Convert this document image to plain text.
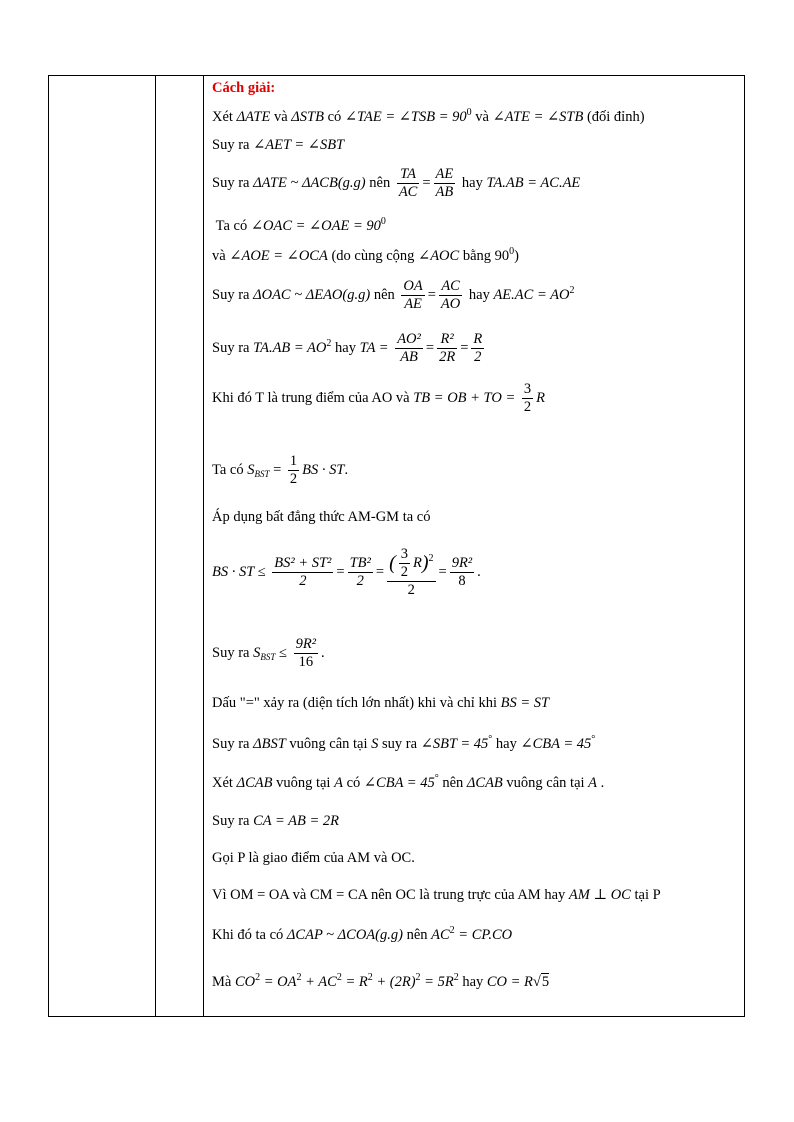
Cách giải:
Xét ΔATE và ΔSTB có ∠TAE = ∠TSB = $90^0$ và ∠ATE = ∠STB (đối đỉnh)
Suy ra ∠AET = ∠SBT
Suy ra ΔATE ~ ΔACB(g.g) nên $\frac{TA}{AC} = \frac{AE}{AB}$ hay TA.AB = AC.AE
Ta có ∠OAC = ∠OAE = $90^0$
và ∠AOE = ∠OCA (do cùng cộng ∠AOC bằng $90^0$)
Suy ra ΔOAC ~ ΔEAO(g.g) nên $\frac{OA}{AE} = \frac{AC}{AO}$ hay $AE.AC = AO^2$
Suy ra $TA.AB = AO^2$ hay TA = $\frac{\text{AO²}}{AB} = \frac{\text{R²}}{2R} = \frac{R}{2}$
Khi đó T là trung điểm của AO và TB = OB + TO = $\frac{3}{2}$ R
Ta có $S_{BST} = \frac{1}{2}$ BS · ST.
Áp dụng bất đẳng thức AM-GM ta có
BS · ST ≤ $\frac{\text{BS² + ST²}}{2} = \frac{\text{TB²}}{2} = \frac{( \frac{3}{2} R)^2}{2} = \frac{\text{9R²}}{8}$ .
Suy ra $S_{BST} \le \frac{\text{9R²}}{16}$ .
Dấu "=" xảy ra (diện tích lớn nhất) khi và chỉ khi BS = ST
Suy ra ΔBST vuông cân tại S suy ra ∠SBT = 45° hay ∠CBA = 45°
Xét ΔCAB vuông tại A có ∠CBA = 45° nên ΔCAB vuông cân tại A .
Suy ra CA = AB = 2R
Gọi P là giao điểm của AM và OC.
Vì OM = OA và CM = CA nên OC là trung trực của AM hay AM ⊥ OC tại P
Khi đó ta có ΔCAP ~ ΔCOA(g.g) nên $AC^2 = CP.CO$
Mà $CO^2 = OA^2 + AC^2 = R^2 + (2R)^2 = 5R^2$ hay CO = R√5
